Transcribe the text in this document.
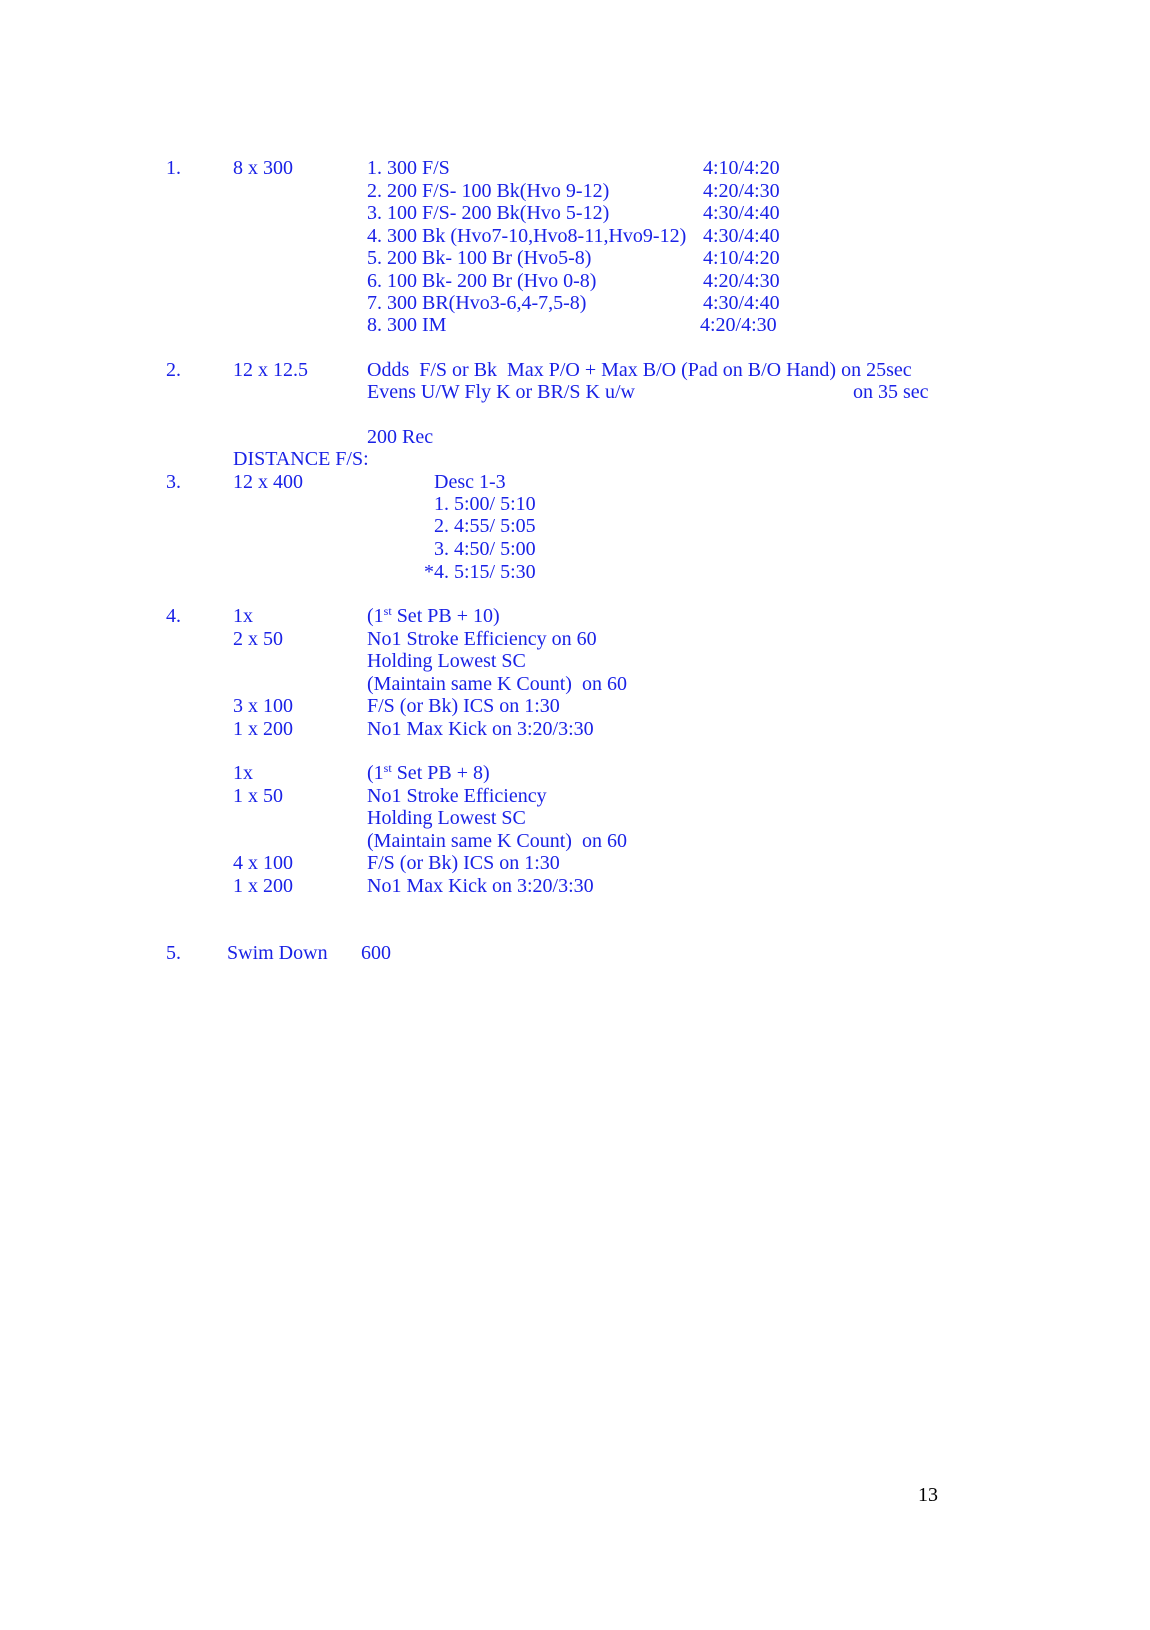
1.	8 x 300	1. 300 F/S	4:10/4:20
2. 200 F/S- 100 Bk(Hvo 9-12)	4:20/4:30
3. 100 F/S- 200 Bk(Hvo 5-12)	4:30/4:40
4. 300 Bk (Hvo7-10,Hvo8-11,Hvo9-12) 4:30/4:40
5. 200 Bk- 100 Br (Hvo5-8)	4:10/4:20
6. 100 Bk- 200 Br (Hvo 0-8)	4:20/4:30
7. 300 BR(Hvo3-6,4-7,5-8)	4:30/4:40
8. 300 IM	4:20/4:30
2.	12 x 12.5	Odds  F/S or Bk  Max P/O + Max B/O (Pad on B/O Hand) on 25sec
Evens U/W Fly K or BR/S K u/w	on 35 sec
200 Rec
DISTANCE F/S:
3.	12 x 400	Desc 1-3
1. 5:00/ 5:10
2. 4:55/ 5:05
3. 4:50/ 5:00
*4. 5:15/ 5:30
4.	1x	(1st Set PB + 10)
2 x 50	No1 Stroke Efficiency on 60
Holding Lowest SC
(Maintain same K Count)  on 60
3 x 100	F/S (or Bk) ICS on 1:30
1 x 200	No1 Max Kick on 3:20/3:30
1x	(1st Set PB + 8)
1 x 50	No1 Stroke Efficiency
Holding Lowest SC
(Maintain same K Count)  on 60
4 x 100	F/S (or Bk) ICS on 1:30
1 x 200	No1 Max Kick on 3:20/3:30
5. Swim Down 600
13
